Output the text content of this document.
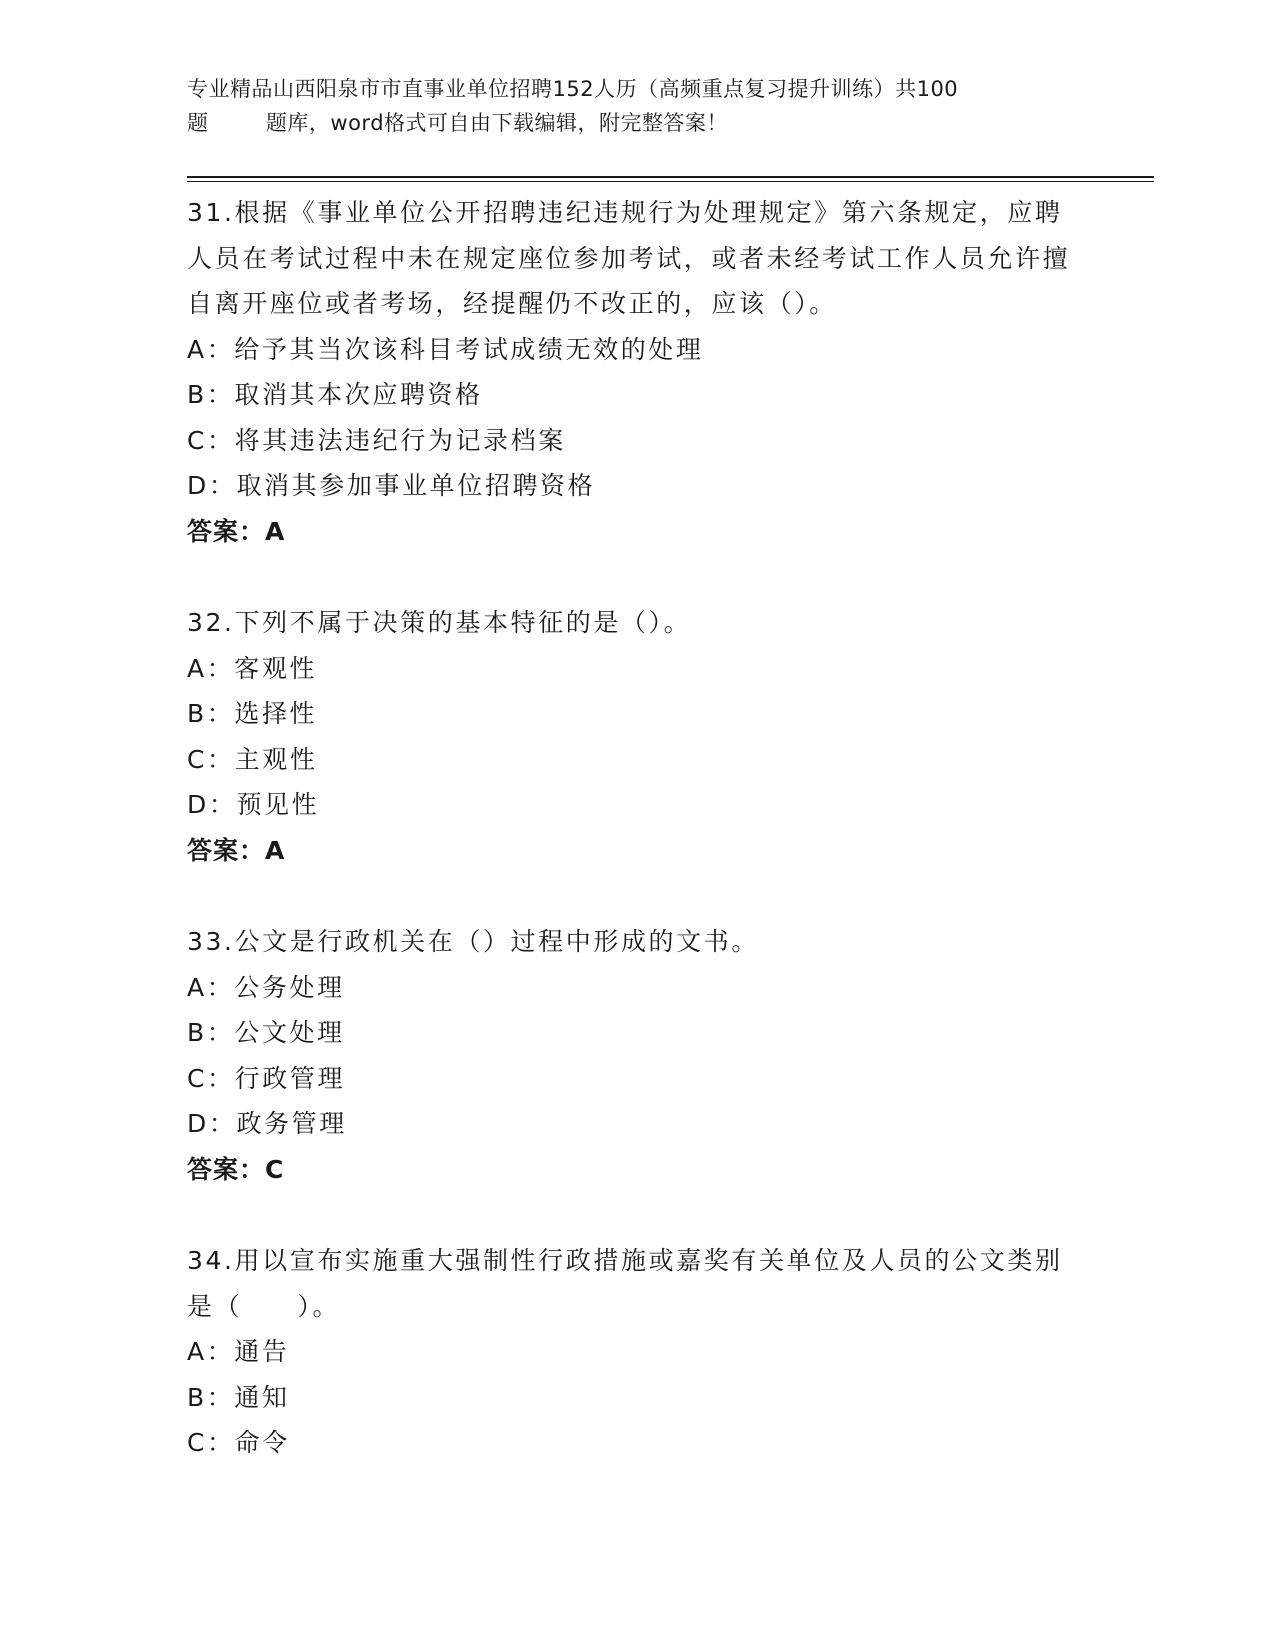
专业精品山西阳泉市市直事业单位招聘152人历（高频重点复习提升训练）共100
题        题库，word格式可自由下载编辑，附完整答案！
31.根据《事业单位公开招聘违纪违规行为处理规定》第六条规定，应聘人员在考试过程中未在规定座位参加考试，或者未经考试工作人员允许擅自离开座位或者考场，经提醒仍不改正的，应该（）。
A：给予其当次该科目考试成绩无效的处理
B：取消其本次应聘资格
C：将其违法违纪行为记录档案
D：取消其参加事业单位招聘资格
答案：A
32.下列不属于决策的基本特征的是（）。
A：客观性
B：选择性
C：主观性
D：预见性
答案：A
33.公文是行政机关在（）过程中形成的文书。
A：公务处理
B：公文处理
C：行政管理
D：政务管理
答案：C
34.用以宣布实施重大强制性行政措施或嘉奖有关单位及人员的公文类别是（　　）。
A：通告
B：通知
C：命令
